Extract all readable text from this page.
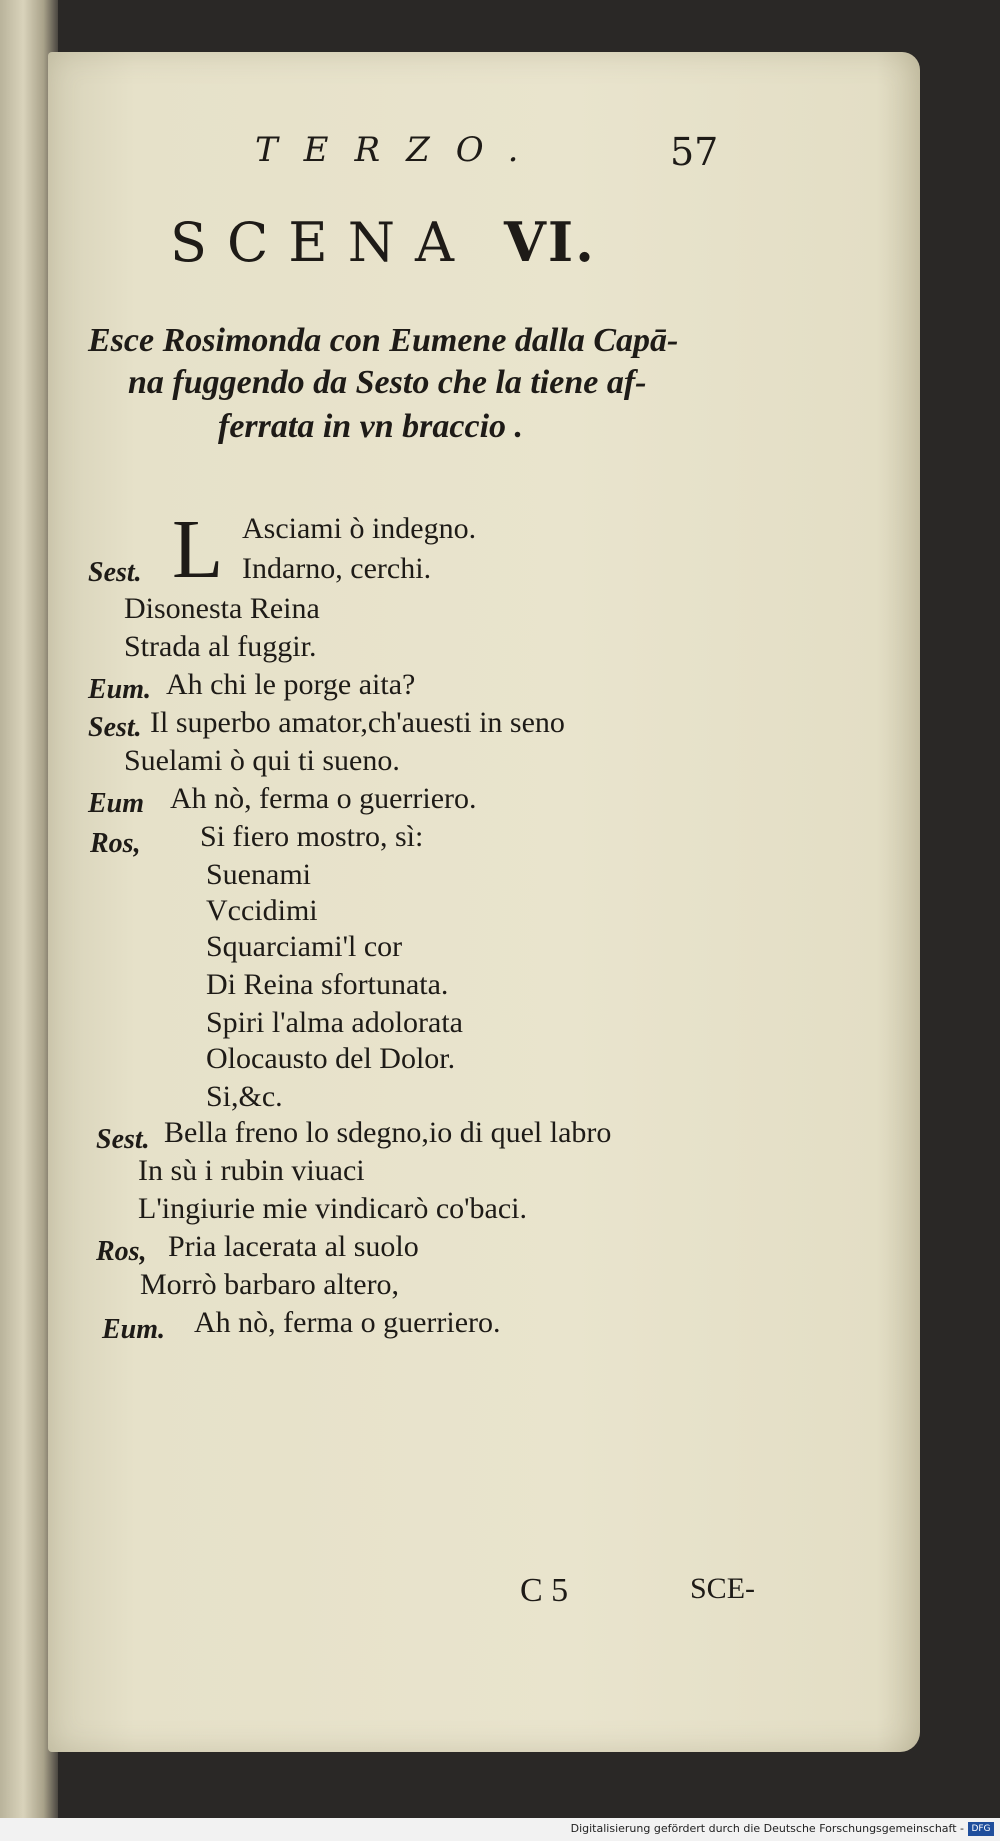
TERZO.	57
SCENA VI.
Esce Rosimonda con Eumene dalla Capā-
na fuggendo da Sesto che la tiene af-
ferrata in vn braccio .
L Asciami ò indegno.
Sest.	Indarno, cerchi.
Disonesta Reina
Strada al fuggir.
Eum. Ah chi le porge aita?
Sest. Il superbo amator,ch'auesti in seno
Suelami ò qui ti sueno.
Eum Ah nò, ferma o guerriero.
Ros, Si fiero mostro, sì:
Suenami
Vccidimi
Squarciami'l cor
Di Reina sfortunata.
Spiri l'alma adolorata
Olocausto del Dolor.
Si,&c.
Sest. Bella freno lo sdegno,io di quel labro
In sù i rubin viuaci
L'ingiurie mie vindicarò co'baci.
Ros, Pria lacerata al suolo
Morrò barbaro altero,
Eum. Ah nò, ferma o guerriero.
C 5	SCE-
Digitalisierung gefördert durch die Deutsche Forschungsgemeinschaft - DFG
